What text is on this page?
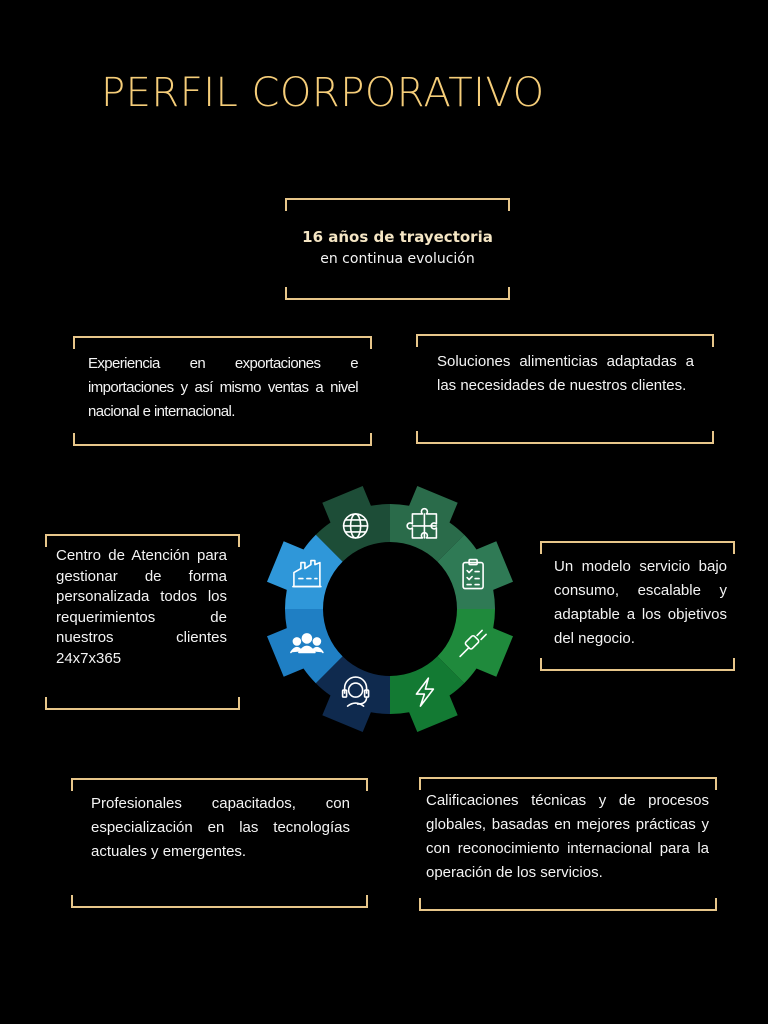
PERFIL CORPORATIVO
16 años de trayectoria
en continua evolución
Experiencia en exportaciones e importaciones y así mismo ventas a nivel nacional e internacional.
Soluciones alimenticias adaptadas a las necesidades de nuestros clientes.
Centro de Atención para gestionar de forma personalizada todos los requerimientos de nuestros clientes 24x7x365
Un modelo servicio bajo consumo, escalable y adaptable a los objetivos del negocio.
Profesionales capacitados, con especialización en las tecnologías actuales y emergentes.
Calificaciones técnicas y de procesos globales, basadas en mejores prácticas y con reconocimiento internacional para la operación de los servicios.
